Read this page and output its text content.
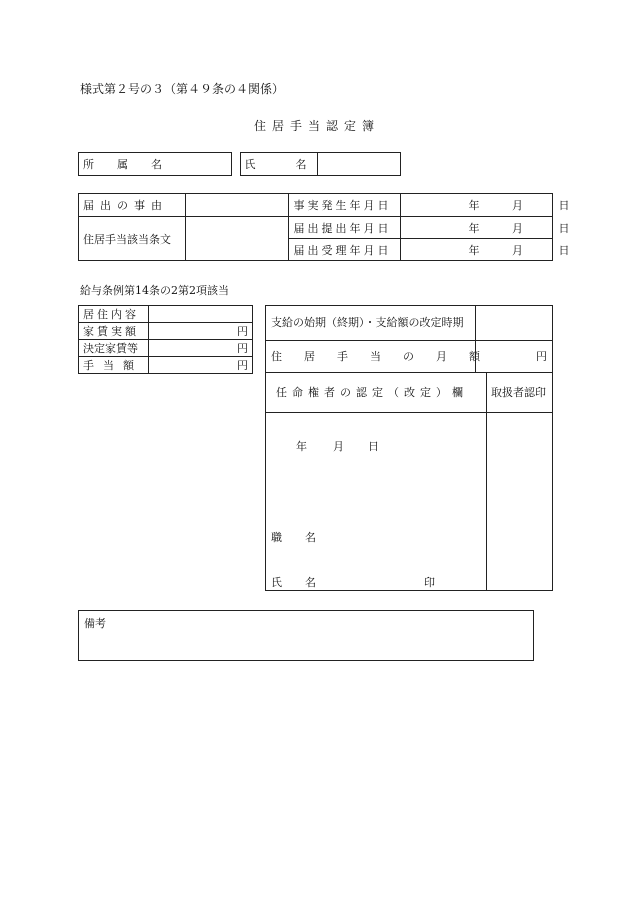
様式第２号の３（第４９条の４関係）
住居手当認定簿
所　属　名		氏　　名	
届出の事由		事実発生年月日	年 月 日
住居手当該当条文		届出提出年月日	年 月 日
		届出受理年月日	年 月 日
給与条例第14条の2第2項該当
居住内容	
家賃実額	円
決定家賃等	円
手当額	円
支給の始期（終期）・支給額の改定時期
住居手当の月額	円
任命権者の認定（改定）欄 取扱者認印
年 月 日
職　名
氏　名	印
備考
